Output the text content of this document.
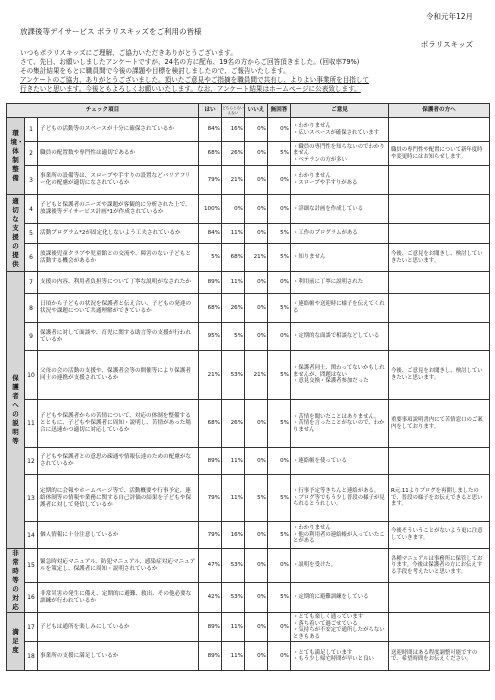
令和元年12月
放課後等デイサービス ポラリスキッズをご利用の皆様
ポラリスキッズ
いつもポラリスキッズにご理解、ご協力いただきありがとうございます。
さて、先日、お願いしましたアンケートですが、24名の方に配布、19名の方からご回答頂きました。(回収率79%)
その集計結果をもとに職員間で今後の課題や目標を検討しましたので、ご報告いたします。
アンケートのご協力、ありがとうございました。頂いたご意見やご指摘を職員間で共有し、よりよい事業所を目指して
行きたいと思います。今後ともよろしくお願いいたします。なお、アンケート結果はホームページに公表致します。
チェック項目			はい	どちらともいえない	いいえ	無回答	ご意見	保護者の方へ
環境・体制整備	1	子どもの活動等のスペースが十分に確保されているか	84%	16%	0%	0%	・わかりません
・広いスペースが確保されています	
	2	職員の配置数や専門性は適切であるか	68%	26%	0%	5%	・職員の専門性を知らないのでわかりません
・ベテランの方が多い	職員の専門性や配置について新年度時や変更時にはお知らせします。
	3	事業所の設備等は、スロープや手すりの設置などバリアフリー化の配慮が適切になされているか	79%	21%	0%	0%	・わかりません
・スロープや手すりがある	
適切な支援の提供	4	子どもと保護者のニーズや課題が客観的に分析された上で、放課後等デイサービス計画*1が作成されているか	100%	0%	0%	0%	・詳細な計画を作成している	
	5	活動プログラム*2が固定化しないよう工夫されているか	84%	11%	0%	5%	・工作のプログラムがある	
	6	放課後児童クラブや児童館との交流や、障害のない子どもと活動する機会があるか	5%	68%	21%	5%	・知りません	今後、ご意見をお聞きし、検討していきたいと思います。
保護者への説明等	7	支援の内容、利用者負担等について丁寧な説明がなされたか	89%	11%	0%	0%	・利用前に丁寧に説明された	
	8	日頃から子どもの状況を保護者と伝え合い、子どもの発達の状況や課題について共通理解ができているか	68%	26%	0%	5%	・連絡帳や送迎時に様子を伝えてくれる	
	9	保護者に対して面談や、育児に関する助言等の支援が行われているか	95%	5%	0%	0%	・定期的な面談で相談などしている	
	10	父母の会の活動の支援や、保護者会等の開催等により保護者同士の連携が支援されているか	21%	53%	21%	5%	・保護者同士、関わってないかもしれませんが、問題はない
・意見交換・保護者参加だった	今後、ご意見をお聞きし、検討していきたいと思います。
	11	子どもや保護者からの苦情について、対応の体制を整備するとともに、子どもや保護者に周知・説明し、苦情があった場合に迅速かつ適切に対応しているか	68%	26%	0%	5%	・苦情を聞いたことはありません。
・苦情を言ったことがないので、わかりません	重要事項説明書内にて苦情窓口のご案内をしております。
	12	子どもや保護者との意思の疎通や情報伝達のための配慮がなされているか	89%	11%	0%	0%	・連絡帳を使っている	
	13	定期的に会報やホームページ等で、活動概要や行事予定、連絡体制等の情報や業務に関する自己評価の結果を子どもや保護者に対して発信しているか	79%	11%	5%	5%	・行事予定等きちんと連絡がある。
・ブログ等でもう少し普段の様子が見られるとうれしい。	R元.11よりブログを再開しましたので、普段の様子をお伝えできると思います。
	14	個人情報に十分注意しているか	79%	16%	0%	5%	・わかりません
・他の利用者の連絡帳が入っていたことがある	今後そういうことがないよう更に注意していきます。
非常時等の対応	15	緊急時対応マニュアル、防犯マニュアル、感染症対応マニュアルを策定し、保護者に周知・説明されているか	47%	53%	0%	0%	・説明を受けた。	各種マニュアルは事務所に保管しております。今後は保護者の方にお伝えする手段を考えたいと思います。
	16	非常災害の発生に備え、定期的に避難、救出、その他必要な訓練が行われているか	42%	53%	0%	5%	・定期的に避難訓練をしている	
満足度	17	子どもは通所を楽しみにしているか	89%	11%	0%	0%	・とても楽しく通っています
・落ち着いて過ごせている
・気持ちが不安定で通所したがらないときもある	
	18	事業所の支援に満足しているか	89%	11%	0%	0%	・とても満足しています
・もう少し帰宅時間が早いと良い	送迎時間はある程度調整可能ですので、希望時間をお伝えください。
